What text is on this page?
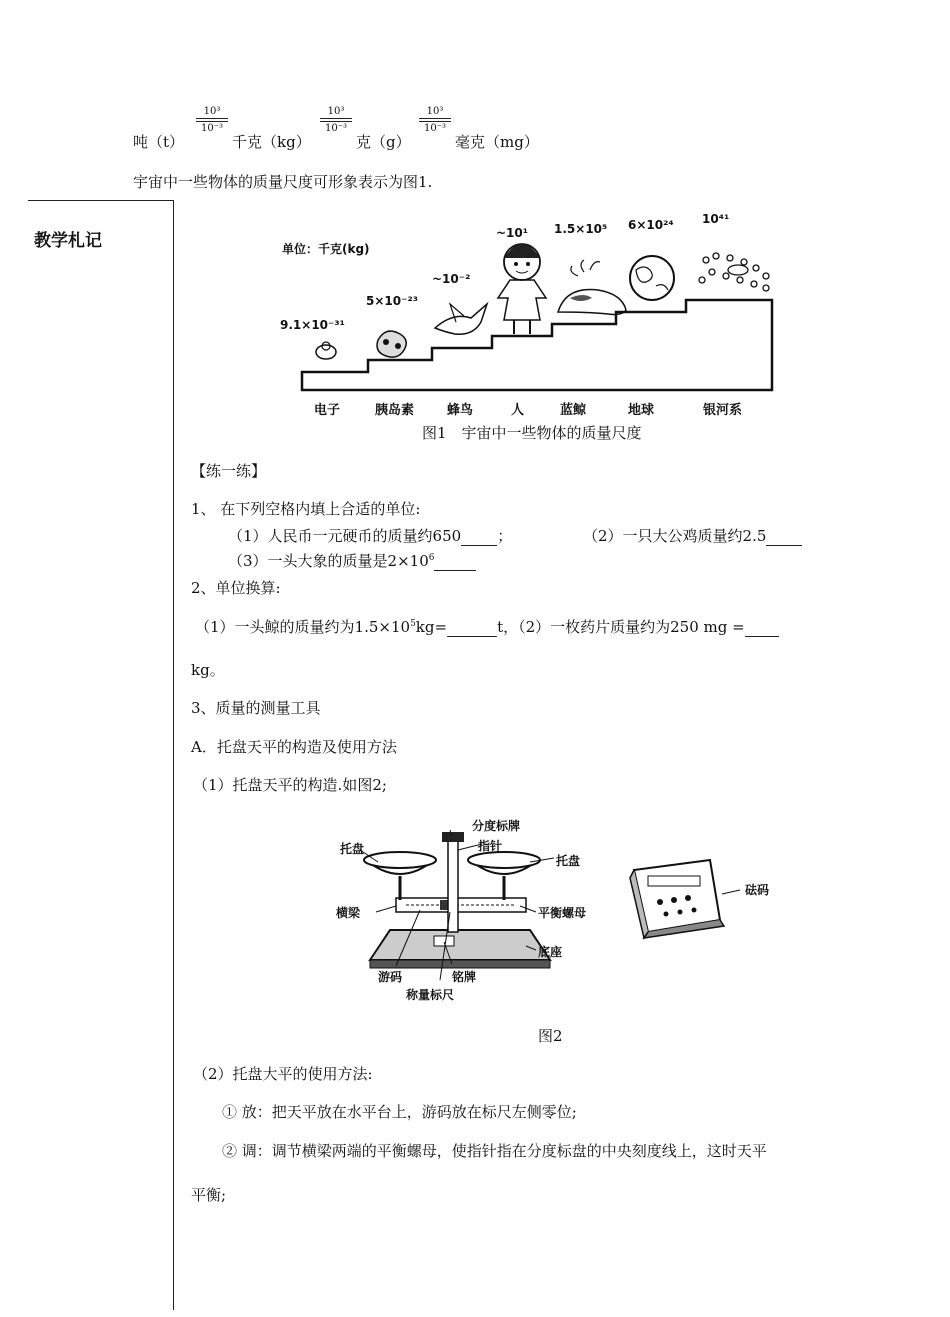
吨（t）
10³
10⁻³
千克（kg）
10³
10⁻³
克（g）
10³
10⁻³
毫克（mg）
宇宙中一些物体的质量尺度可形象表示为图1.
教学札记	单位：千克(kg)
9.1×10⁻³¹
5×10⁻²³
~10⁻²
~10¹ 1.5×10⁵ 6×10²⁴ 10⁴¹
电子	胰岛素	蜂鸟	人	蓝鲸	地球	银河系
图1　宇宙中一些物体的质量尺度
【练一练】
1、 在下列空格内填上合适的单位:
（1）人民币一元硬币的质量约650 ；	（2）一只大公鸡质量约2.5
（3）一头大象的质量是$2\times 10^6$
2、单位换算:
（1）一头鲸的质量约为$1.5\times 10^5kg=$	t，（2）一枚药片质量约为250 mg =
kg。
3、质量的测量工具
A．托盘天平的构造及使用方法
（1）托盘天平的构造.如图2;
分度标牌
指针
托盘
托盘
横梁	平衡螺母
底座
游码	铭牌
称量标尺
砝码
图2
（2）托盘大平的使用方法:
① 放：把天平放在水平台上，游码放在标尺左侧零位;
② 调：调节横梁两端的平衡螺母，使指针指在分度标盘的中央刻度线上，这时天平
平衡;
